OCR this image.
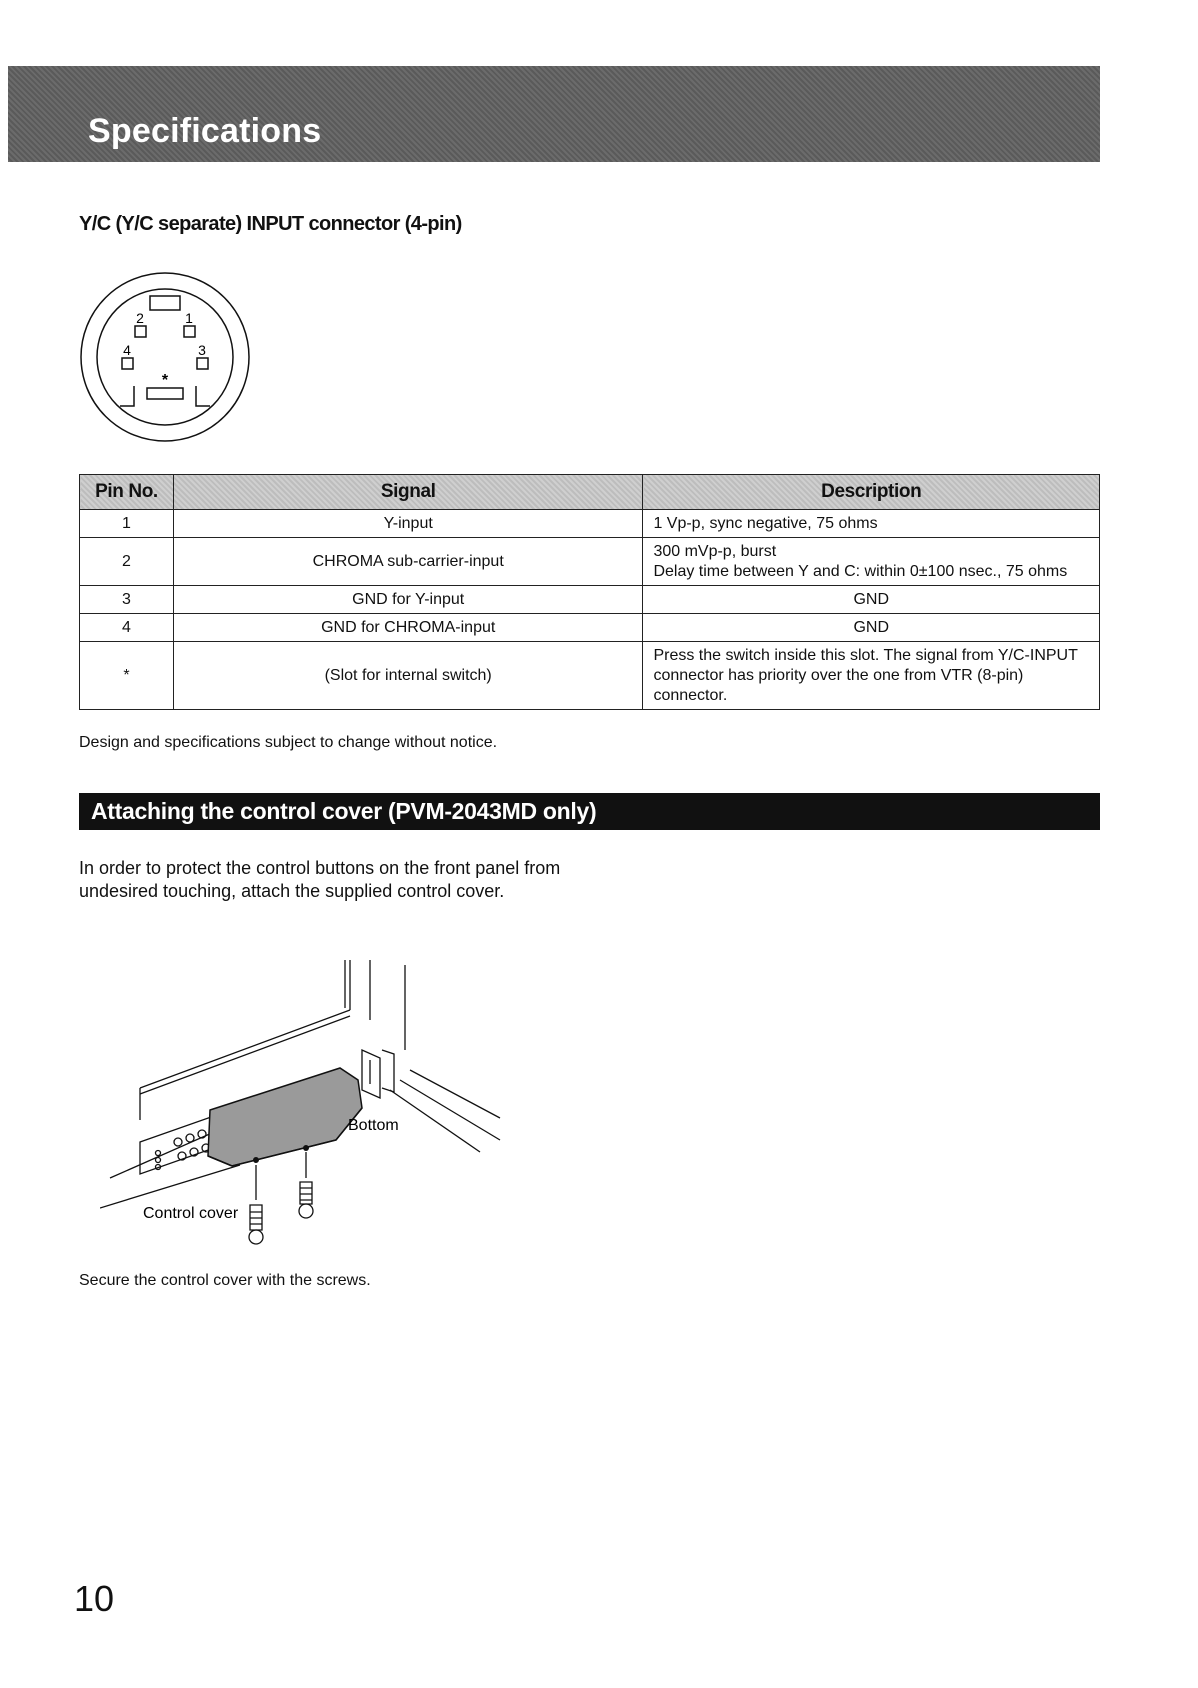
Specifications
Y/C (Y/C separate) INPUT connector (4-pin)
2	1
4	3
*
Pin No.	Signal	Description
1	Y-input	1 Vp-p, sync negative, 75 ohms
2	CHROMA sub-carrier-input	300 mVp-p, burst
Delay time between Y and C: within 0±100 nsec., 75 ohms
3	GND for Y-input	GND
4	GND for CHROMA-input	GND
*	(Slot for internal switch)	Press the switch inside this slot. The signal from Y/C-INPUT
connector has priority over the one from VTR (8-pin)
connector.

Design and specifications subject to change without notice.

Attaching the control cover (PVM-2043MD only)

In order to protect the control buttons on the front panel from
undesired touching, attach the supplied control cover.

Bottom
Control cover

Secure the control cover with the screws.

10
